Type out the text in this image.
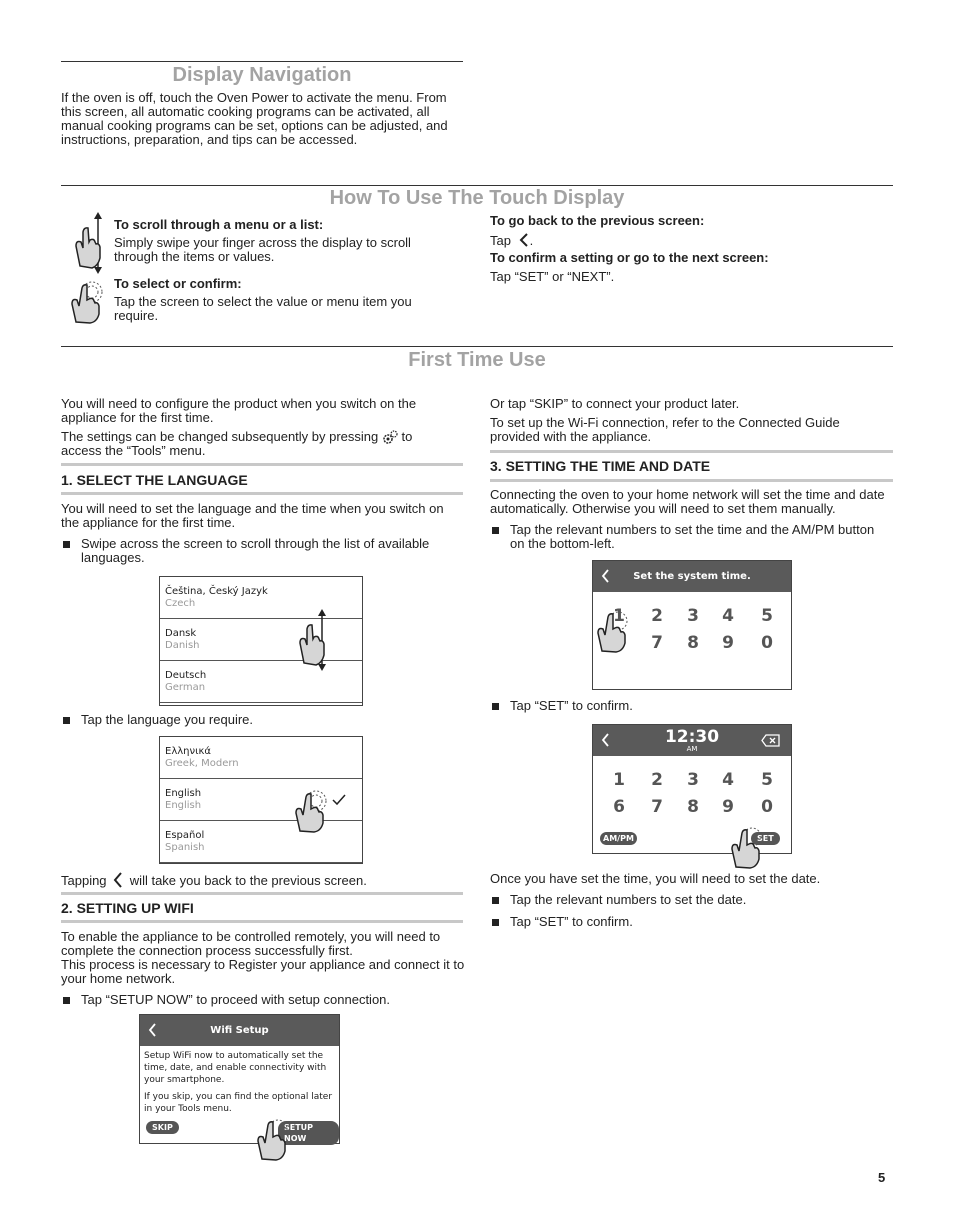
Display Navigation

If the oven is off, touch the Oven Power to activate the menu. From this screen, all automatic cooking programs can be activated, all manual cooking programs can be set, options can be adjusted, and instructions, preparation, and tips can be accessed.

How To Use The Touch Display
To scroll through a menu or a list:

Simply swipe your finger across the display to scroll through the items or values.

To select or confirm:

Tap the screen to select the value or menu item you require.

To go back to the previous screen:
Tap .
To confirm a setting or go to the next screen:
Tap “SET” or “NEXT”.
First Time Use

You will need to configure the product when you switch on the appliance for the first time.

The settings can be changed subsequently by pressing to access the “Tools” menu.

1. SELECT THE LANGUAGE

You will need to set the language and the time when you switch on the appliance for the first time.

Swipe across the screen to scroll through the list of available languages.
Čeština, Český Jazyk
Czech
Dansk
Danish
Deutsch
German
Tap the language you require.
Ελληνικά
Greek, Modern
English
English
Español
Spanish
Tapping will take you back to the previous screen.
2. SETTING UP WIFI

To enable the appliance to be controlled remotely, you will need to complete the connection process successfully first.

This process is necessary to Register your appliance and connect it to your home network.

Tap “SETUP NOW” to proceed with setup connection.
Wifi Setup
Setup WiFi now to automatically set the time, date, and enable connectivity with your smartphone.
If you skip, you can find the optional later in your Tools menu.
SKIP	SETUP NOW

Or tap “SKIP” to connect your product later.

To set up the Wi-Fi connection, refer to the Connected Guide provided with the appliance.

3. SETTING THE TIME AND DATE

Connecting the oven to your home network will set the time and date automatically. Otherwise you will need to set them manually.

Tap the relevant numbers to set the time and the AM/PM button on the bottom-left.
Set the system time.
1 2 3 4 5
7 8 9 0
Tap “SET” to confirm.
12:30
AM
1 2 3 4 5
6 7 8 9 0
AM/PM	SET

Once you have set the time, you will need to set the date.

Tap the relevant numbers to set the date.
Tap “SET” to confirm.
5
